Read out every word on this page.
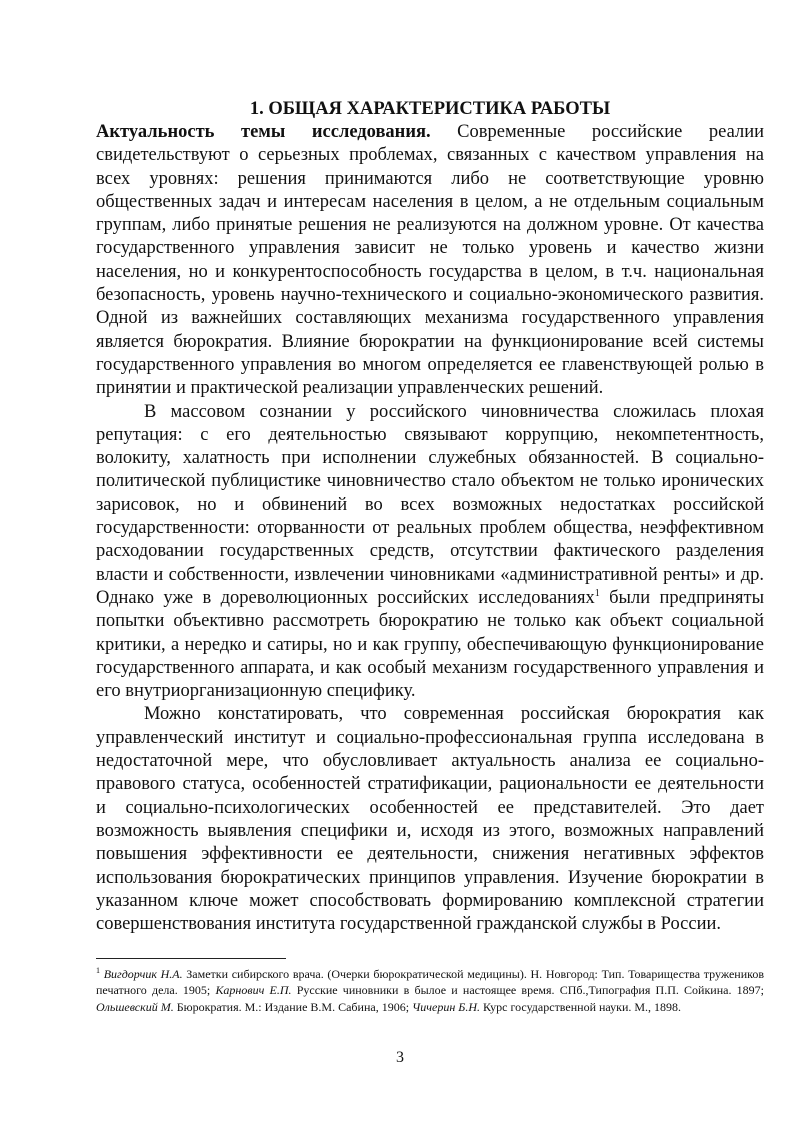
1. ОБЩАЯ ХАРАКТЕРИСТИКА РАБОТЫ

Актуальность темы исследования. Современные российские реалии свидетельствуют о серьезных проблемах, связанных с качеством управления на всех уровнях: решения принимаются либо не соответствующие уровню общественных задач и интересам населения в целом, а не отдельным социальным группам, либо принятые решения не реализуются на должном уровне. От качества государственного управления зависит не только уровень и качество жизни населения, но и конкурентоспособность государства в целом, в т.ч. национальная безопасность, уровень научно-технического и социально-экономического развития. Одной из важнейших составляющих механизма государственного управления является бюрократия. Влияние бюрократии на функционирование всей системы государственного управления во многом определяется ее главенствующей ролью в принятии и практической реализации управленческих решений.

В массовом сознании у российского чиновничества сложилась плохая репутация: с его деятельностью связывают коррупцию, некомпетентность, волокиту, халатность при исполнении служебных обязанностей. В социально-политической публицистике чиновничество стало объектом не только иронических зарисовок, но и обвинений во всех возможных недостатках российской государственности: оторванности от реальных проблем общества, неэффективном расходовании государственных средств, отсутствии фактического разделения власти и собственности, извлечении чиновниками «административной ренты» и др. Однако уже в дореволюционных российских исследованиях$^1$ были предприняты попытки объективно рассмотреть бюрократию не только как объект социальной критики, а нередко и сатиры, но и как группу, обеспечивающую функционирование государственного аппарата, и как особый механизм государственного управления и его внутриорганизационную специфику.

Можно констатировать, что современная российская бюрократия как управленческий институт и социально-профессиональная группа исследована в недостаточной мере, что обусловливает актуальность анализа ее социально-правового статуса, особенностей стратификации, рациональности ее деятельности и социально-психологических особенностей ее представителей. Это дает возможность выявления специфики и, исходя из этого, возможных направлений повышения эффективности ее деятельности, снижения негативных эффектов использования бюрократических принципов управления. Изучение бюрократии в указанном ключе может способствовать формированию комплексной стратегии совершенствования института государственной гражданской службы в России.

$^1$ Вигдорчик Н.А. Заметки сибирского врача. (Очерки бюрократической медицины). Н. Новгород: Тип. Товарищества тружеников печатного дела. 1905; Карнович Е.П. Русские чиновники в былое и настоящее время. СПб.,Типография П.П. Сойкина. 1897; Ольшевский М. Бюрократия. М.: Издание В.М. Сабина, 1906; Чичерин Б.Н. Курс государственной науки. М., 1898.

3
